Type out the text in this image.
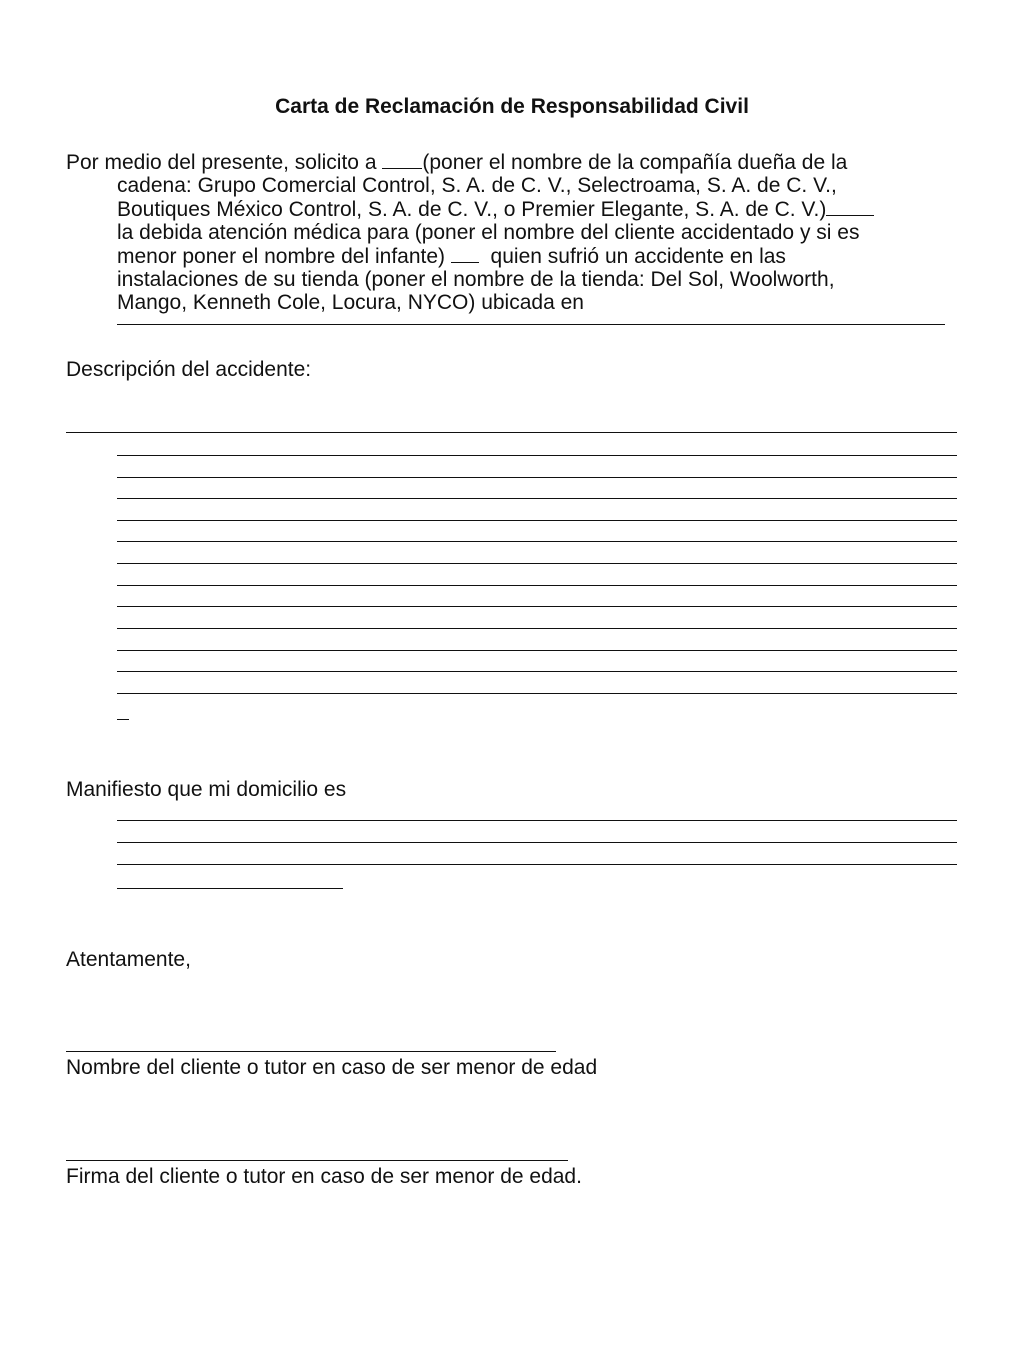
Carta de Reclamación de Responsabilidad Civil
Por medio del presente, solicito a (poner el nombre de la compañía dueña de la
cadena: Grupo Comercial Control, S. A. de C. V., Selectroama, S. A. de C. V.,
Boutiques México Control, S. A. de C. V., o Premier Elegante, S. A. de C. V.)
la debida atención médica para (poner el nombre del cliente accidentado y si es
menor poner el nombre del infante) quien sufrió un accidente en las
instalaciones de su tienda (poner el nombre de la tienda: Del Sol, Woolworth,
Mango, Kenneth Cole, Locura, NYCO) ubicada en
Descripción del accidente:
Manifiesto que mi domicilio es
Atentamente,
Nombre del cliente o tutor en caso de ser menor de edad
Firma del cliente o tutor en caso de ser menor de edad.
